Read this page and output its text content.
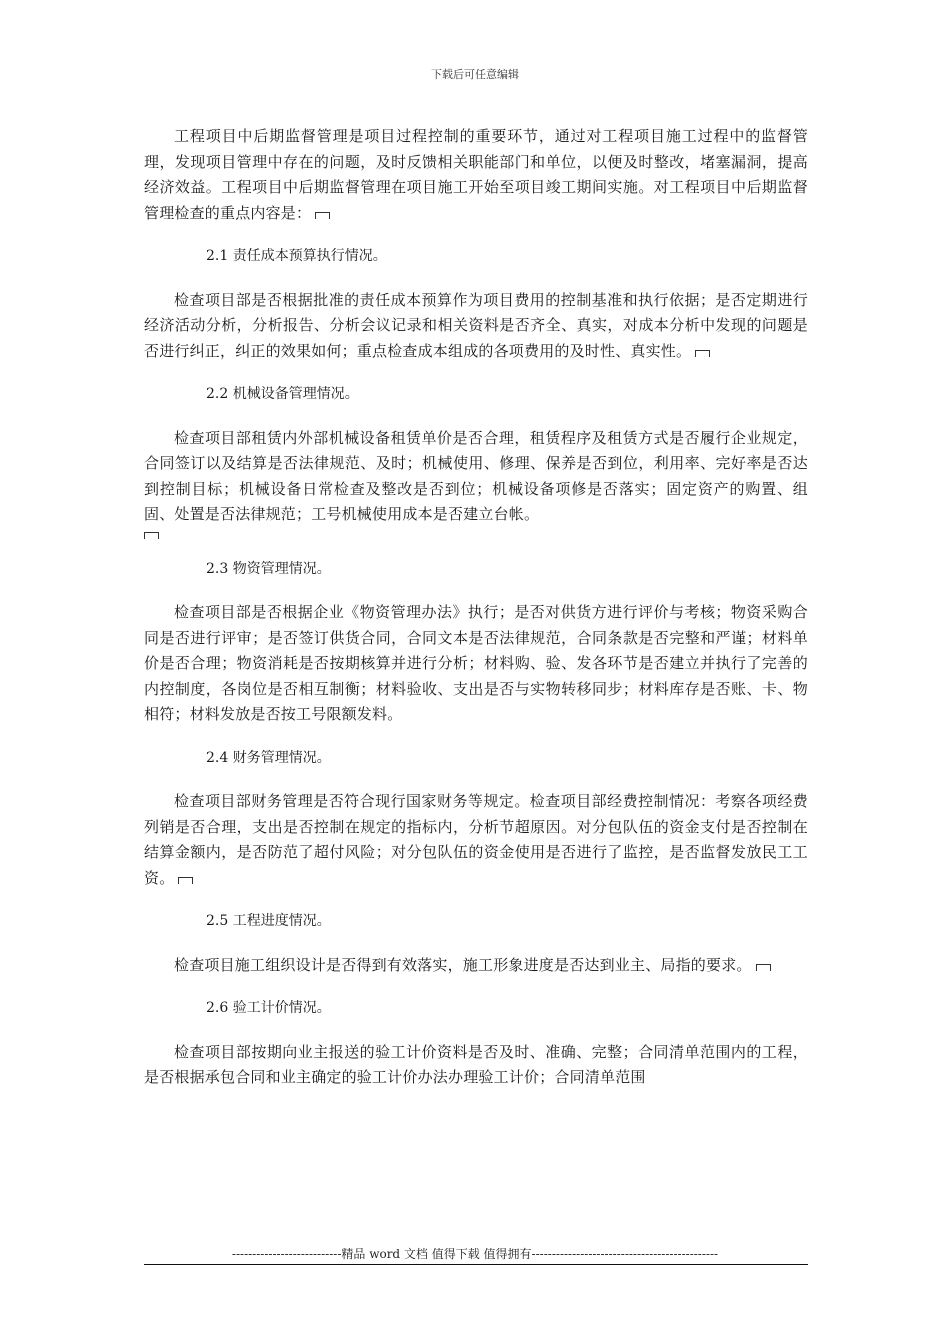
下载后可任意编辑

工程项目中后期监督管理是项目过程控制的重要环节，通过对工程项目施工过程中的监督管理，发现项目管理中存在的问题，及时反馈相关职能部门和单位，以便及时整改，堵塞漏洞，提高经济效益。工程项目中后期监督管理在项目施工开始至项目竣工期间实施。对工程项目中后期监督管理检查的重点内容是：

2.1 责任成本预算执行情况。

检查项目部是否根据批准的责任成本预算作为项目费用的控制基准和执行依据；是否定期进行经济活动分析，分析报告、分析会议记录和相关资料是否齐全、真实，对成本分析中发现的问题是否进行纠正，纠正的效果如何；重点检查成本组成的各项费用的及时性、真实性。

2.2 机械设备管理情况。

检查项目部租赁内外部机械设备租赁单价是否合理，租赁程序及租赁方式是否履行企业规定，合同签订以及结算是否法律规范、及时；机械使用、修理、保养是否到位，利用率、完好率是否达到控制目标；机械设备日常检查及整改是否到位；机械设备项修是否落实；固定资产的购置、组固、处置是否法律规范；工号机械使用成本是否建立台帐。

2.3 物资管理情况。

检查项目部是否根据企业《物资管理办法》执行；是否对供货方进行评价与考核；物资采购合同是否进行评审；是否签订供货合同，合同文本是否法律规范，合同条款是否完整和严谨；材料单价是否合理；物资消耗是否按期核算并进行分析；材料购、验、发各环节是否建立并执行了完善的内控制度，各岗位是否相互制衡；材料验收、支出是否与实物转移同步；材料库存是否账、卡、物相符；材料发放是否按工号限额发料。

2.4 财务管理情况。

检查项目部财务管理是否符合现行国家财务等规定。检查项目部经费控制情况：考察各项经费列销是否合理，支出是否控制在规定的指标内，分析节超原因。对分包队伍的资金支付是否控制在结算金额内，是否防范了超付风险；对分包队伍的资金使用是否进行了监控，是否监督发放民工工资。

2.5 工程进度情况。

检查项目施工组织设计是否得到有效落实，施工形象进度是否达到业主、局指的要求。

2.6 验工计价情况。

检查项目部按期向业主报送的验工计价资料是否及时、准确、完整；合同清单范围内的工程，是否根据承包合同和业主确定的验工计价办法办理验工计价；合同清单范围

---------------------------精品 word 文档 值得下载 值得拥有----------------------------------------------
